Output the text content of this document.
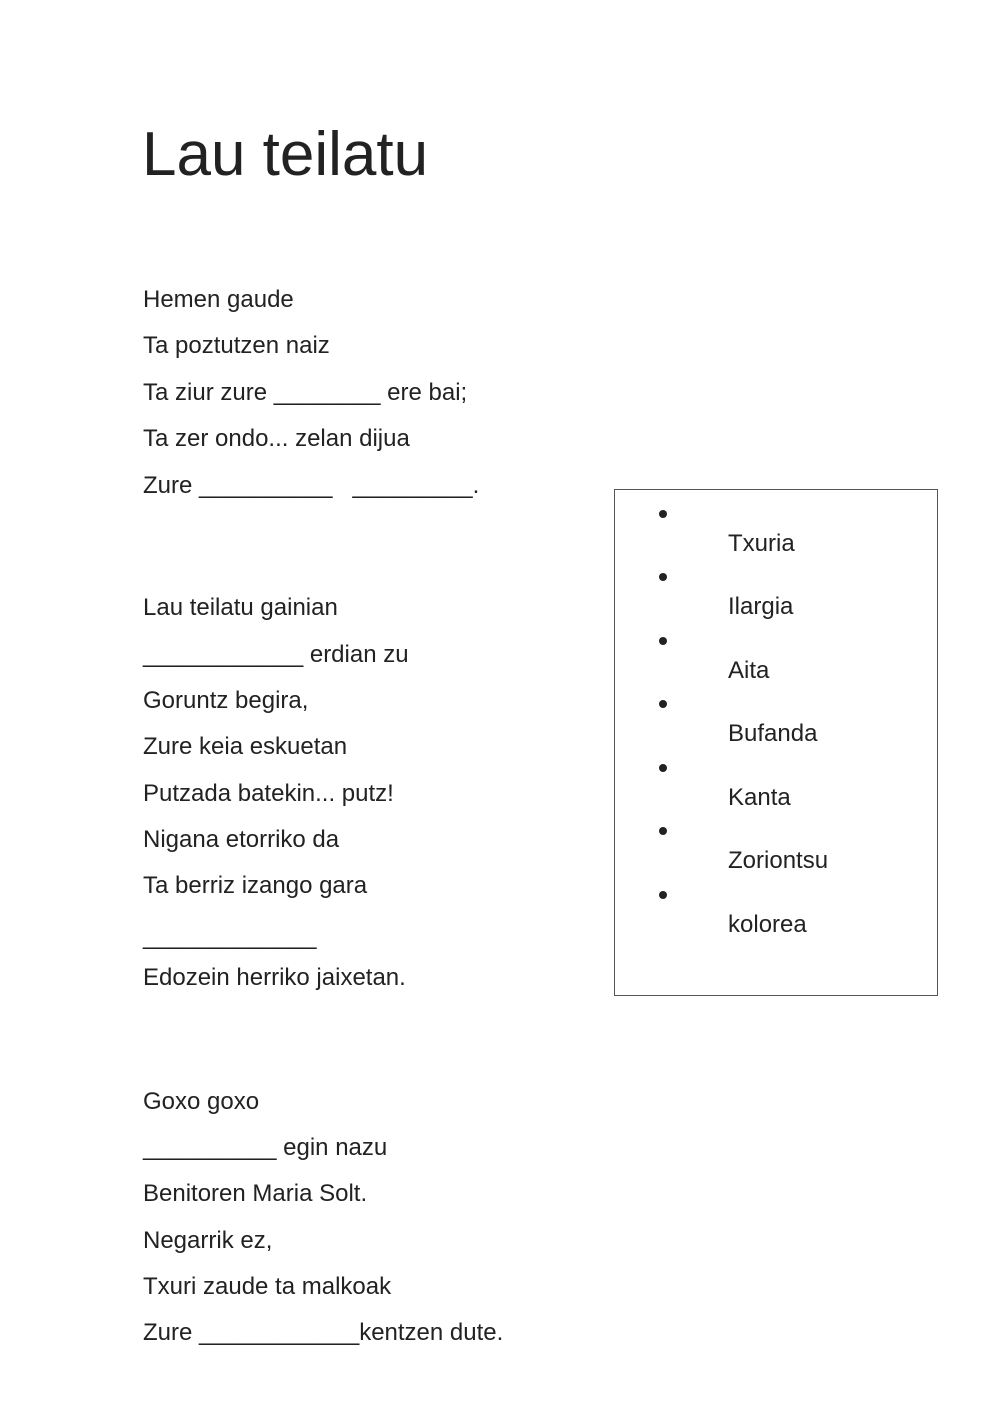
Lau teilatu
Hemen gaude
Ta poztutzen naiz
Ta ziur zure ________ ere bai;
Ta zer ondo... zelan dijua
Zure __________   _________.
Lau teilatu gainian
____________ erdian zu
Goruntz begira,
Zure keia eskuetan
Putzada batekin... putz!
Nigana etorriko da
Ta berriz izango gara
_____________
Edozein herriko jaixetan.
Goxo goxo
__________ egin nazu
Benitoren Maria Solt.
Negarrik ez,
Txuri zaude ta malkoak
Zure ____________kentzen dute.

Txuria

Ilargia

Aita

Bufanda

Kanta

Zoriontsu

kolorea
